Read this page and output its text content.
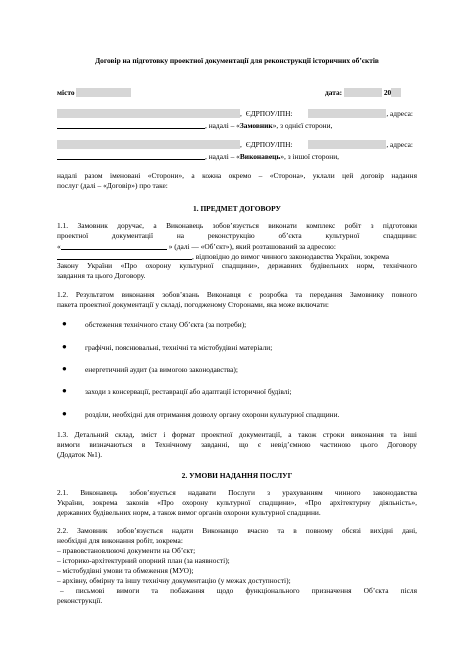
Договір на підготовку проектної документації для реконструкції історичних об’єктів
місто	дата:	20
, ЄДРПОУ/ІПН:	, адреса:
, надалі – «Замовник», з однієї сторони,
, ЄДРПОУ/ІПН:	, адреса:
, надалі – «Виконавець», з іншої сторони,
надалі разом іменовані «Сторони», а кожна окремо – «Сторона», уклали цей договір надання
послуг (далі – «Договір») про таке:
1. ПРЕДМЕТ ДОГОВОРУ
1.1. Замовник доручає, а Виконавець зобов’язується виконати комплекс робіт з підготовки
проектної документації на реконструкцію об’єкта культурної спадщини:
«	» (далі — «Об’єкт»), який розташований за адресою:
, відповідно до вимог чинного законодавства України, зокрема
Закону України «Про охорону культурної спадщини», державних будівельних норм, технічного
завдання та цього Договору.
1.2. Результатом виконання зобов’язань Виконавця є розробка та передання Замовнику повного
пакета проектної документації у складі, погодженому Сторонами, яка може включати:
● обстеження технічного стану Об’єкта (за потреби);
● графічні, пояснювальні, технічні та містобудівні матеріали;
● енергетичний аудит (за вимогою законодавства);
● заходи з консервації, реставрації або адаптації історичної будівлі;
● розділи, необхідні для отримання дозволу органу охорони культурної спадщини.
1.3. Детальний склад, зміст і формат проектної документації, а також строки виконання та інші
вимоги визначаються в Технічному завданні, що є невід’ємною частиною цього Договору
(Додаток №1).
2. УМОВИ НАДАННЯ ПОСЛУГ
2.1. Виконавець зобов’язується надавати Послуги з урахуванням чинного законодавства
України, зокрема законів «Про охорону культурної спадщини», «Про архітектурну діяльність»,
державних будівельних норм, а також вимог органів охорони культурної спадщини.
2.2. Замовник зобов’язується надати Виконавцю вчасно та в повному обсязі вихідні дані,
необхідні для виконання робіт, зокрема:
– правовстановлюючі документи на Об’єкт;
– історико-архітектурний опорний план (за наявності);
– містобудівні умови та обмеження (МУО);
– архівну, обмірну та іншу технічну документацію (у межах доступності);
– письмові вимоги та побажання щодо функціонального призначення Об’єкта після
реконструкції.
